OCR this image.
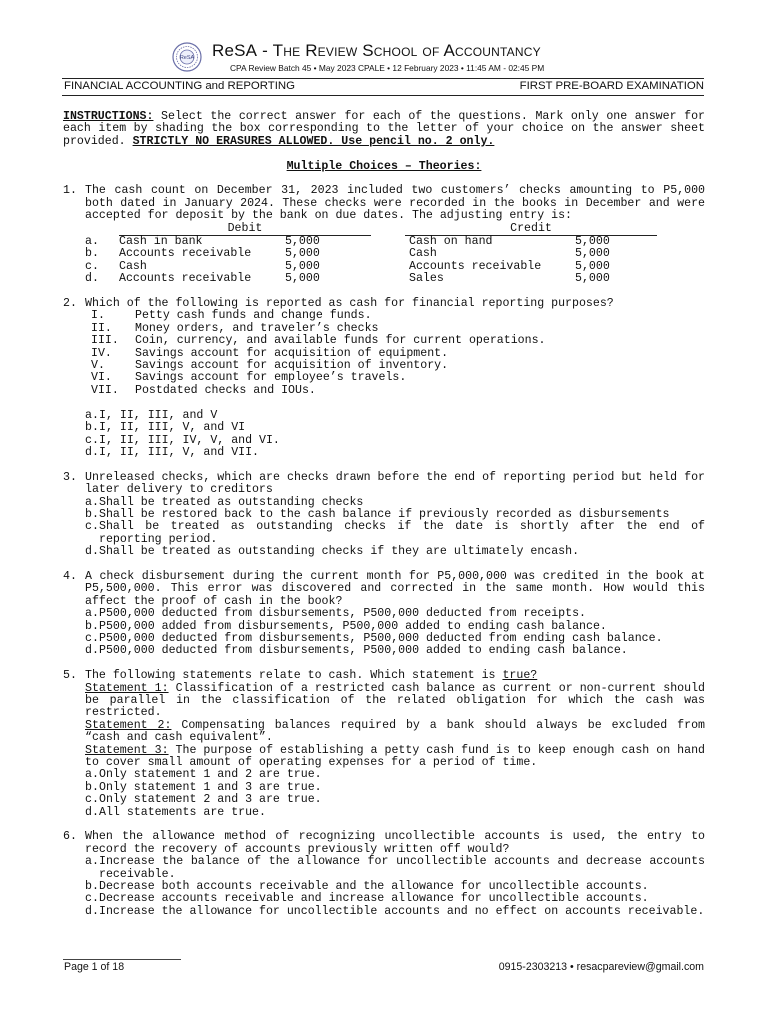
ReSA ReSA - The Review School of Accountancy
CPA Review Batch 45 • May 2023 CPALE • 12 February 2023 • 11:45 AM - 02:45 PM
FINANCIAL ACCOUNTING and REPORTING	FIRST PRE-BOARD EXAMINATION

INSTRUCTIONS: Select the correct answer for each of the questions. Mark only one answer for each item by shading the box corresponding to the letter of your choice on the answer sheet provided. STRICTLY NO ERASURES ALLOWED. Use pencil no. 2 only.

Multiple Choices – Theories:

1. The cash count on December 31, 2023 included two customers’ checks amounting to P5,000 both dated in January 2024. These checks were recorded in the books in December and were accepted for deposit by the bank on due dates. The adjusting entry is:

	Debit		Credit
a.	Cash in bank 5,000		Cash on hand 5,000
b.	Accounts receivable 5,000		Cash 5,000
c.	Cash 5,000		Accounts receivable 5,000
d.	Accounts receivable 5,000		Sales 5,000
2. Which of the following is reported as cash for financial reporting purposes?

I.	Petty cash funds and change funds.
II.	Money orders, and traveler’s checks
III.	Coin, currency, and available funds for current operations.
IV.	Savings account for acquisition of equipment.
V.	Savings account for acquisition of inventory.
VI.	Savings account for employee’s travels.
VII.	Postdated checks and IOUs.
a. I, II, III, and V
b. I, II, III, V, and VI
c. I, II, III, IV, V, and VI.
d. I, II, III, V, and VII.
3. Unreleased checks, which are checks drawn before the end of reporting period but held for later delivery to creditors

a. Shall be treated as outstanding checks
b. Shall be restored back to the cash balance if previously recorded as disbursements
c. Shall be treated as outstanding checks if the date is shortly after the end of reporting period.
d. Shall be treated as outstanding checks if they are ultimately encash.
4. A check disbursement during the current month for P5,000,000 was credited in the book at P5,500,000. This error was discovered and corrected in the same month. How would this affect the proof of cash in the book?

a. P500,000 deducted from disbursements, P500,000 deducted from receipts.
b. P500,000 added from disbursements, P500,000 added to ending cash balance.
c. P500,000 deducted from disbursements, P500,000 deducted from ending cash balance.
d. P500,000 deducted from disbursements, P500,000 added to ending cash balance.
5. The following statements relate to cash. Which statement is true?

Statement 1: Classification of a restricted cash balance as current or non-current should be parallel in the classification of the related obligation for which the cash was restricted.

Statement 2: Compensating balances required by a bank should always be excluded from “cash and cash equivalent”.

Statement 3: The purpose of establishing a petty cash fund is to keep enough cash on hand to cover small amount of operating expenses for a period of time.

a. Only statement 1 and 2 are true.
b. Only statement 1 and 3 are true.
c. Only statement 2 and 3 are true.
d. All statements are true.
6. When the allowance method of recognizing uncollectible accounts is used, the entry to record the recovery of accounts previously written off would?

a. Increase the balance of the allowance for uncollectible accounts and decrease accounts receivable.
b. Decrease both accounts receivable and the allowance for uncollectible accounts.
c. Decrease accounts receivable and increase allowance for uncollectible accounts.
d. Increase the allowance for uncollectible accounts and no effect on accounts receivable.
Page 1 of 18	0915-2303213 • resacpareview@gmail.com
